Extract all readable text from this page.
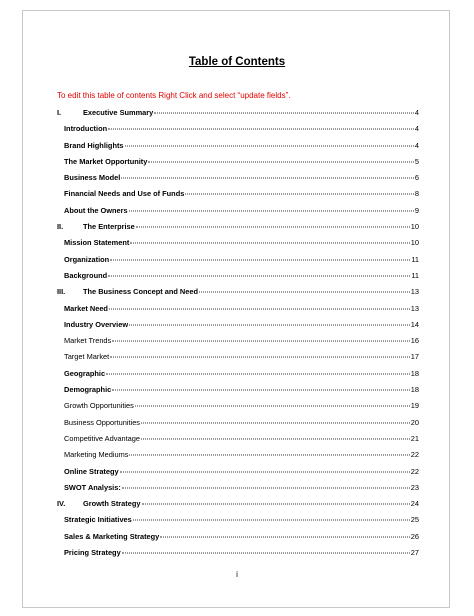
Table of Contents
To edit this table of contents Right Click and select “update fields”.
I.	Executive Summary	4
Introduction	4
Brand Highlights	4
The Market Opportunity	5
Business Model	6
Financial Needs and Use of Funds	8
About the Owners	9
II.	The Enterprise	10
Mission Statement	10
Organization	11
Background	11
III.	The Business Concept and Need	13
Market Need	13
Industry Overview	14
Market Trends	16
Target Market	17
Geographic	18
Demographic	18
Growth Opportunities	19
Business Opportunities	20
Competitive Advantage	21
Marketing Mediums	22
Online Strategy	22
SWOT Analysis:	23
IV.	Growth Strategy	24
Strategic Initiatives	25
Sales & Marketing Strategy	26
Pricing Strategy	27
i
